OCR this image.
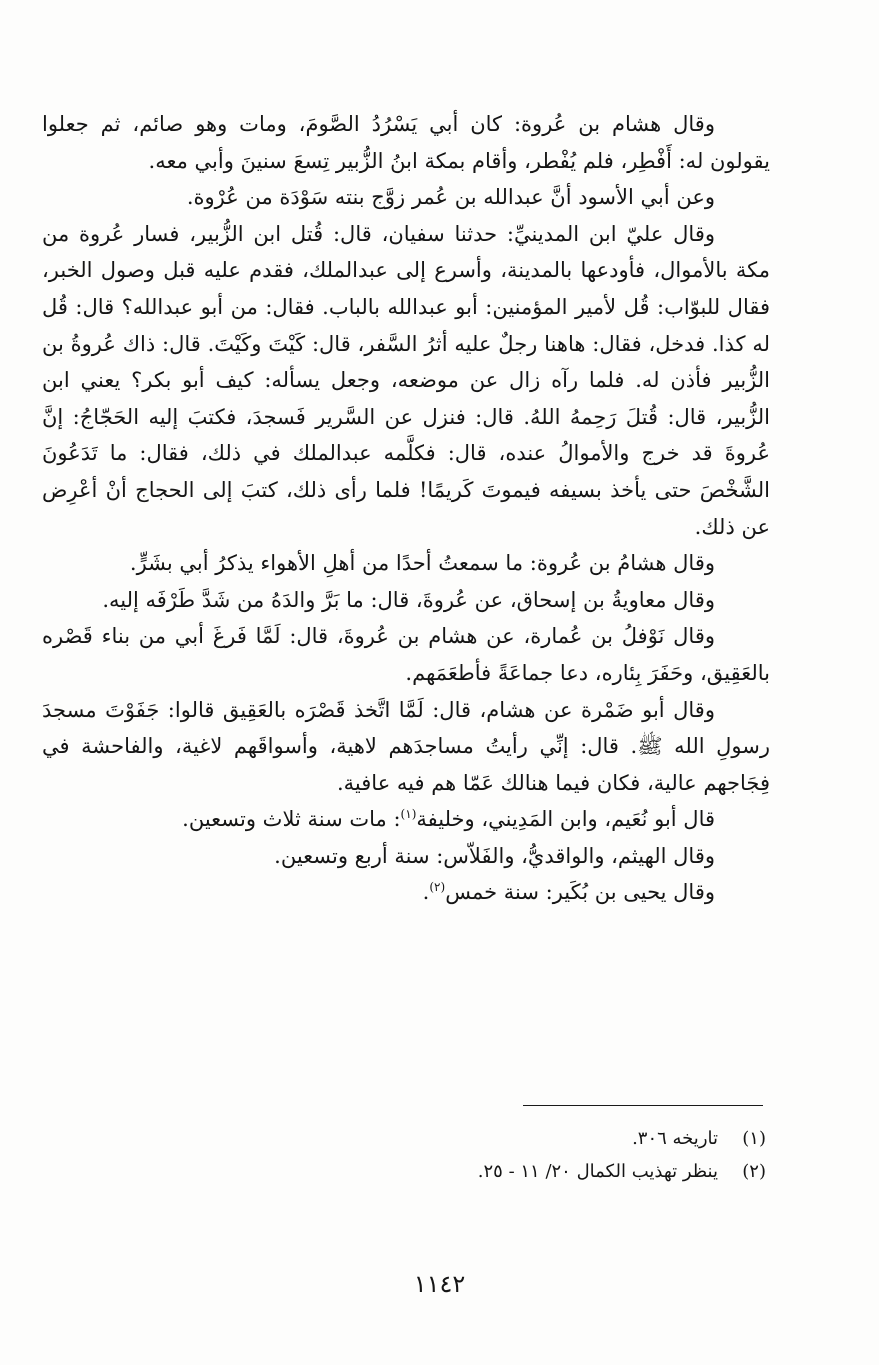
وقال هشام بن عُروة: كان أبي يَسْرُدُ الصَّومَ، ومات وهو صائم، ثم جعلوا يقولون له: أَفْطِر، فلم يُفْطر، وأقام بمكة ابنُ الزُّبير تِسعَ سنينَ وأبي معه.

وعن أبي الأسود أنَّ عبدالله بن عُمر زوَّج بنته سَوْدَة من عُرْوة.

وقال عليّ ابن المدينيِّ: حدثنا سفيان، قال: قُتل ابن الزُّبير، فسار عُروة من مكة بالأموال، فأودعها بالمدينة، وأسرع إلى عبدالملك، فقدم عليه قبل وصول الخبر، فقال للبوّاب: قُل لأمير المؤمنين: أبو عبدالله بالباب. فقال: من أبو عبدالله؟ قال: قُل له كذا. فدخل، فقال: هاهنا رجلٌ عليه أثرُ السَّفر، قال: كَيْتَ وكَيْتَ. قال: ذاك عُروةُ بن الزُّبير فأذن له. فلما رآه زال عن موضعه، وجعل يسأله: كيف أبو بكر؟ يعني ابن الزُّبير، قال: قُتلَ رَحِمهُ اللهُ. قال: فنزل عن السَّرير فَسجدَ، فكتبَ إليه الحَجّاجُ: إنَّ عُروةَ قد خرج والأموالُ عنده، قال: فكلَّمه عبدالملك في ذلك، فقال: ما تَدَعُونَ الشَّخْصَ حتى يأخذ بسيفه فيموتَ كَريمًا! فلما رأى ذلك، كتبَ إلى الحجاج أنْ أعْرِض عن ذلك.

وقال هشامُ بن عُروة: ما سمعتُ أحدًا من أهلِ الأهواء يذكرُ أبي بشَرٍّ.

وقال معاويةُ بن إسحاق، عن عُروةَ، قال: ما بَرَّ والدَهُ من شَدَّ طَرْفَه إليه.

وقال نَوْفلُ بن عُمارة، عن هشام بن عُروةَ، قال: لَمَّا فَرغَ أبي من بناء قَصْره بالعَقِيق، وحَفَرَ بِئاره، دعا جماعَةً فأطعَمَهم.

وقال أبو ضَمْرة عن هشام، قال: لَمَّا اتَّخذ قَصْرَه بالعَقِيق قالوا: جَفَوْتَ مسجدَ رسولِ الله ﷺ. قال: إنِّي رأيتُ مساجدَهم لاهية، وأسواقَهم لاغية، والفاحشة في فِجَاجهم عالية، فكان فيما هنالك عَمّا هم فيه عافية.

قال أبو نُعَيم، وابن المَدِيني، وخليفة$^{(١)}$: مات سنة ثلاث وتسعين.

وقال الهيثم، والواقديُّ، والفَلاّس: سنة أربع وتسعين.

وقال يحيى بن بُكَير: سنة خمس$^{(٢)}$.

(١)
تاريخه ٣٠٦.
(٢)
ينظر تهذيب الكمال ٢٠/ ١١ - ٢٥.
١١٤٢
